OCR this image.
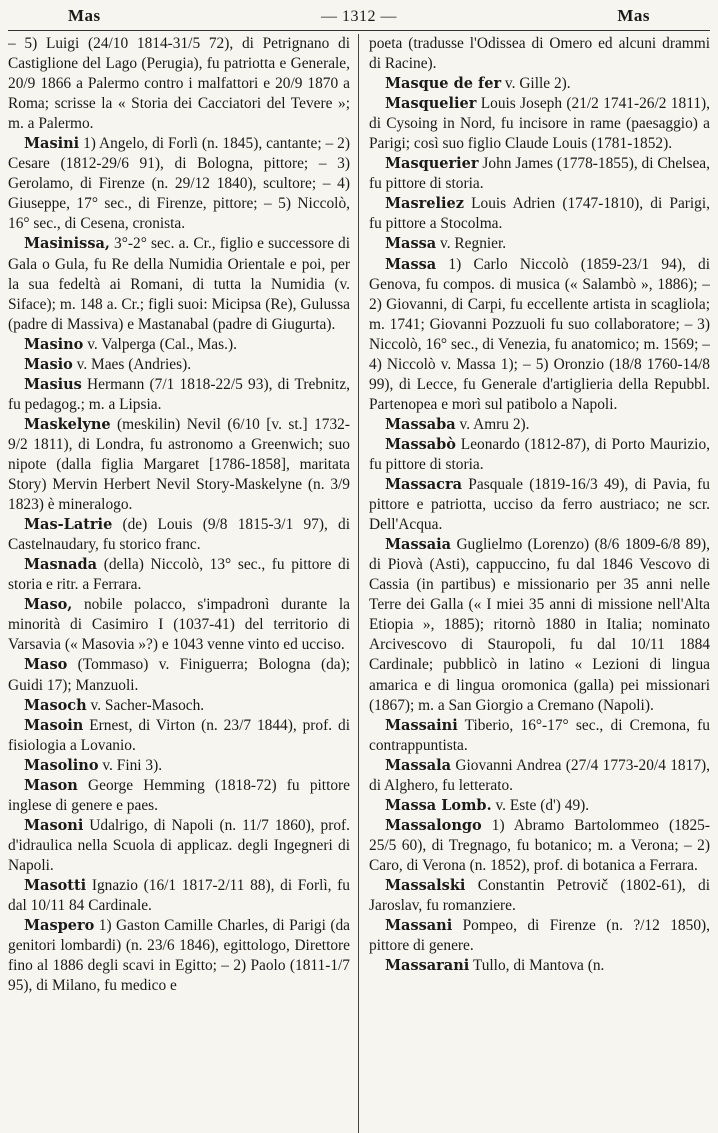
Mas	— 1312 —	Mas

– 5) Luigi (24/10 1814-31/5 72), di Petrignano di Castiglione del Lago (Perugia), fu patriotta e Generale, 20/9 1866 a Palermo contro i malfattori e 20/9 1870 a Roma; scrisse la « Storia dei Cacciatori del Tevere »; m. a Palermo.

Masini 1) Angelo, di Forlì (n. 1845), cantante; – 2) Cesare (1812-29/6 91), di Bologna, pittore; – 3) Gerolamo, di Firenze (n. 29/12 1840), scultore; – 4) Giuseppe, 17° sec., di Firenze, pittore; – 5) Niccolò, 16° sec., di Cesena, cronista.

Masinissa, 3°-2° sec. a. Cr., figlio e successore di Gala o Gula, fu Re della Numidia Orientale e poi, per la sua fedeltà ai Romani, di tutta la Numidia (v. Siface); m. 148 a. Cr.; figli suoi: Micipsa (Re), Gulussa (padre di Massiva) e Mastanabal (padre di Giugurta).

Masino v. Valperga (Cal., Mas.).

Masio v. Maes (Andries).

Masius Hermann (7/1 1818-22/5 93), di Trebnitz, fu pedagog.; m. a Lipsia.

Maskelyne (meskilin) Nevil (6/10 [v. st.] 1732-9/2 1811), di Londra, fu astronomo a Greenwich; suo nipote (dalla figlia Margaret [1786-1858], maritata Story) Mervin Herbert Nevil Story-Maskelyne (n. 3/9 1823) è mineralogo.

Mas-Latrie (de) Louis (9/8 1815-3/1 97), di Castelnaudary, fu storico franc.

Masnada (della) Niccolò, 13° sec., fu pittore di storia e ritr. a Ferrara.

Maso, nobile polacco, s'impadronì durante la minorità di Casimiro I (1037-41) del territorio di Varsavia (« Masovia »?) e 1043 venne vinto ed ucciso.

Maso (Tommaso) v. Finiguerra; Bologna (da); Guidi 17); Manzuoli.

Masoch v. Sacher-Masoch.

Masoin Ernest, di Virton (n. 23/7 1844), prof. di fisiologia a Lovanio.

Masolino v. Fini 3).

Mason George Hemming (1818-72) fu pittore inglese di genere e paes.

Masoni Udalrigo, di Napoli (n. 11/7 1860), prof. d'idraulica nella Scuola di applicaz. degli Ingegneri di Napoli.

Masotti Ignazio (16/1 1817-2/11 88), di Forlì, fu dal 10/11 84 Cardinale.

Maspero 1) Gaston Camille Charles, di Parigi (da genitori lombardi) (n. 23/6 1846), egittologo, Direttore fino al 1886 degli scavi in Egitto; – 2) Paolo (1811-1/7 95), di Milano, fu medico e

poeta (tradusse l'Odissea di Omero ed alcuni drammi di Racine).

Masque de fer v. Gille 2).

Masquelier Louis Joseph (21/2 1741-26/2 1811), di Cysoing in Nord, fu incisore in rame (paesaggio) a Parigi; così suo figlio Claude Louis (1781-1852).

Masquerier John James (1778-1855), di Chelsea, fu pittore di storia.

Masreliez Louis Adrien (1747-1810), di Parigi, fu pittore a Stocolma.

Massa v. Regnier.

Massa 1) Carlo Niccolò (1859-23/1 94), di Genova, fu compos. di musica (« Salambò », 1886); – 2) Giovanni, di Carpi, fu eccellente artista in scagliola; m. 1741; Giovanni Pozzuoli fu suo collaboratore; – 3) Niccolò, 16° sec., di Venezia, fu anatomico; m. 1569; – 4) Niccolò v. Massa 1); – 5) Oronzio (18/8 1760-14/8 99), di Lecce, fu Generale d'artiglieria della Repubbl. Partenopea e morì sul patibolo a Napoli.

Massaba v. Amru 2).

Massabò Leonardo (1812-87), di Porto Maurizio, fu pittore di storia.

Massacra Pasquale (1819-16/3 49), di Pavia, fu pittore e patriotta, ucciso da ferro austriaco; ne scr. Dell'Acqua.

Massaia Guglielmo (Lorenzo) (8/6 1809-6/8 89), di Piovà (Asti), cappuccino, fu dal 1846 Vescovo di Cassia (in partibus) e missionario per 35 anni nelle Terre dei Galla (« I miei 35 anni di missione nell'Alta Etiopia », 1885); ritornò 1880 in Italia; nominato Arcivescovo di Stauropoli, fu dal 10/11 1884 Cardinale; pubblicò in latino « Lezioni di lingua amarica e di lingua oromonica (galla) pei missionari (1867); m. a San Giorgio a Cremano (Napoli).

Massaini Tiberio, 16°-17° sec., di Cremona, fu contrappuntista.

Massala Giovanni Andrea (27/4 1773-20/4 1817), di Alghero, fu letterato.

Massa Lomb. v. Este (d') 49).

Massalongo 1) Abramo Bartolommeo (1825-25/5 60), di Tregnago, fu botanico; m. a Verona; – 2) Caro, di Verona (n. 1852), prof. di botanica a Ferrara.

Massalski Constantin Petrovič (1802-61), di Jaroslav, fu romanziere.

Massani Pompeo, di Firenze (n. ?/12 1850), pittore di genere.

Massarani Tullo, di Mantova (n.
